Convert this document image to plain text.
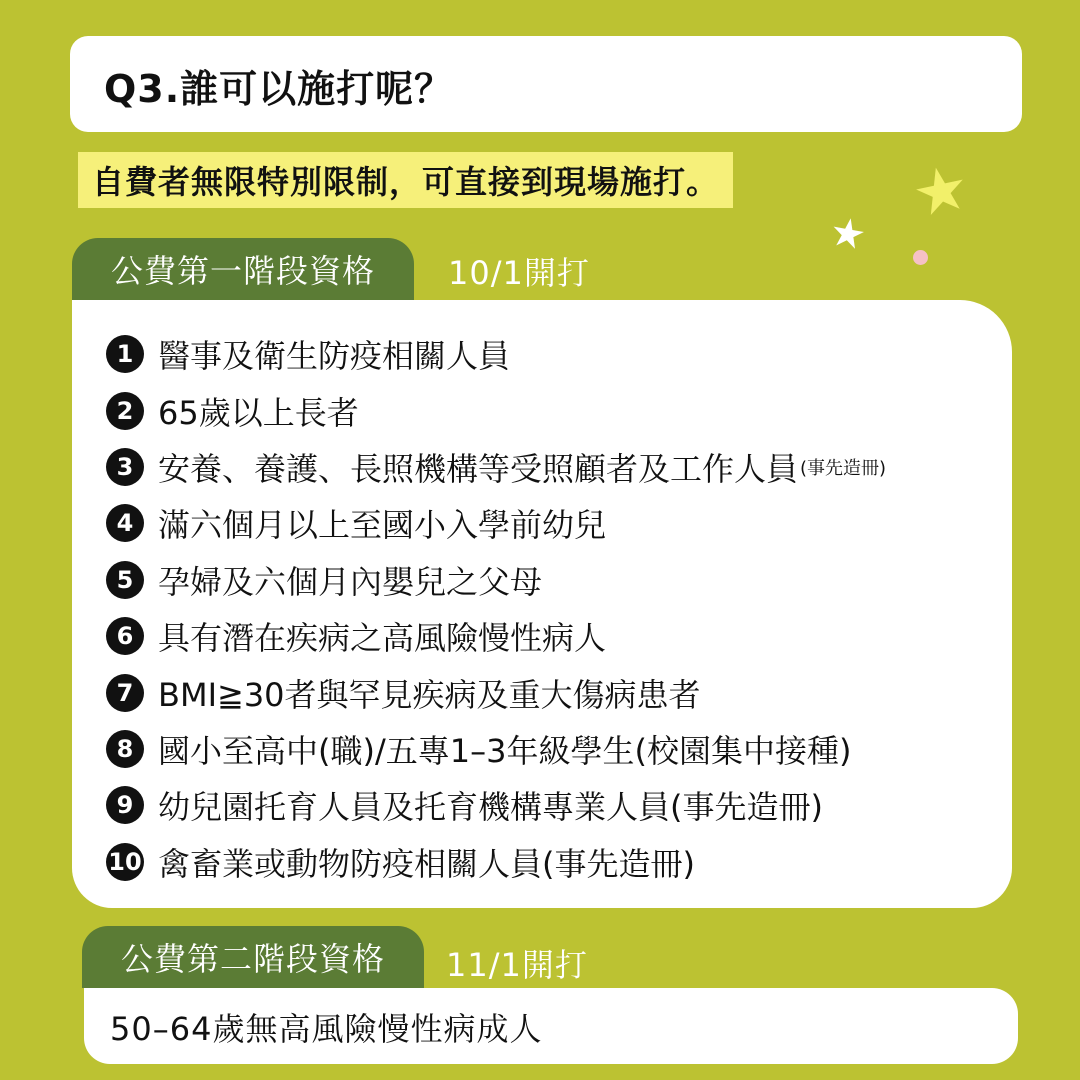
Q3.誰可以施打呢？
自費者無限特別限制，可直接到現場施打。	★
★
公費第一階段資格 10/1開打
1 醫事及衛生防疫相關人員
2 65歲以上長者
3 安養、養護、長照機構等受照顧者及工作人員 (事先造冊)
4 滿六個月以上至國小入學前幼兒
5 孕婦及六個月內嬰兒之父母
6 具有潛在疾病之高風險慢性病人
7 BMI≧30者與罕見疾病及重大傷病患者
8 國小至高中(職)/五專1–3年級學生(校園集中接種)
9 幼兒園托育人員及托育機構專業人員(事先造冊)
10 禽畜業或動物防疫相關人員(事先造冊)
公費第二階段資格 11/1開打
50–64歲無高風險慢性病成人
